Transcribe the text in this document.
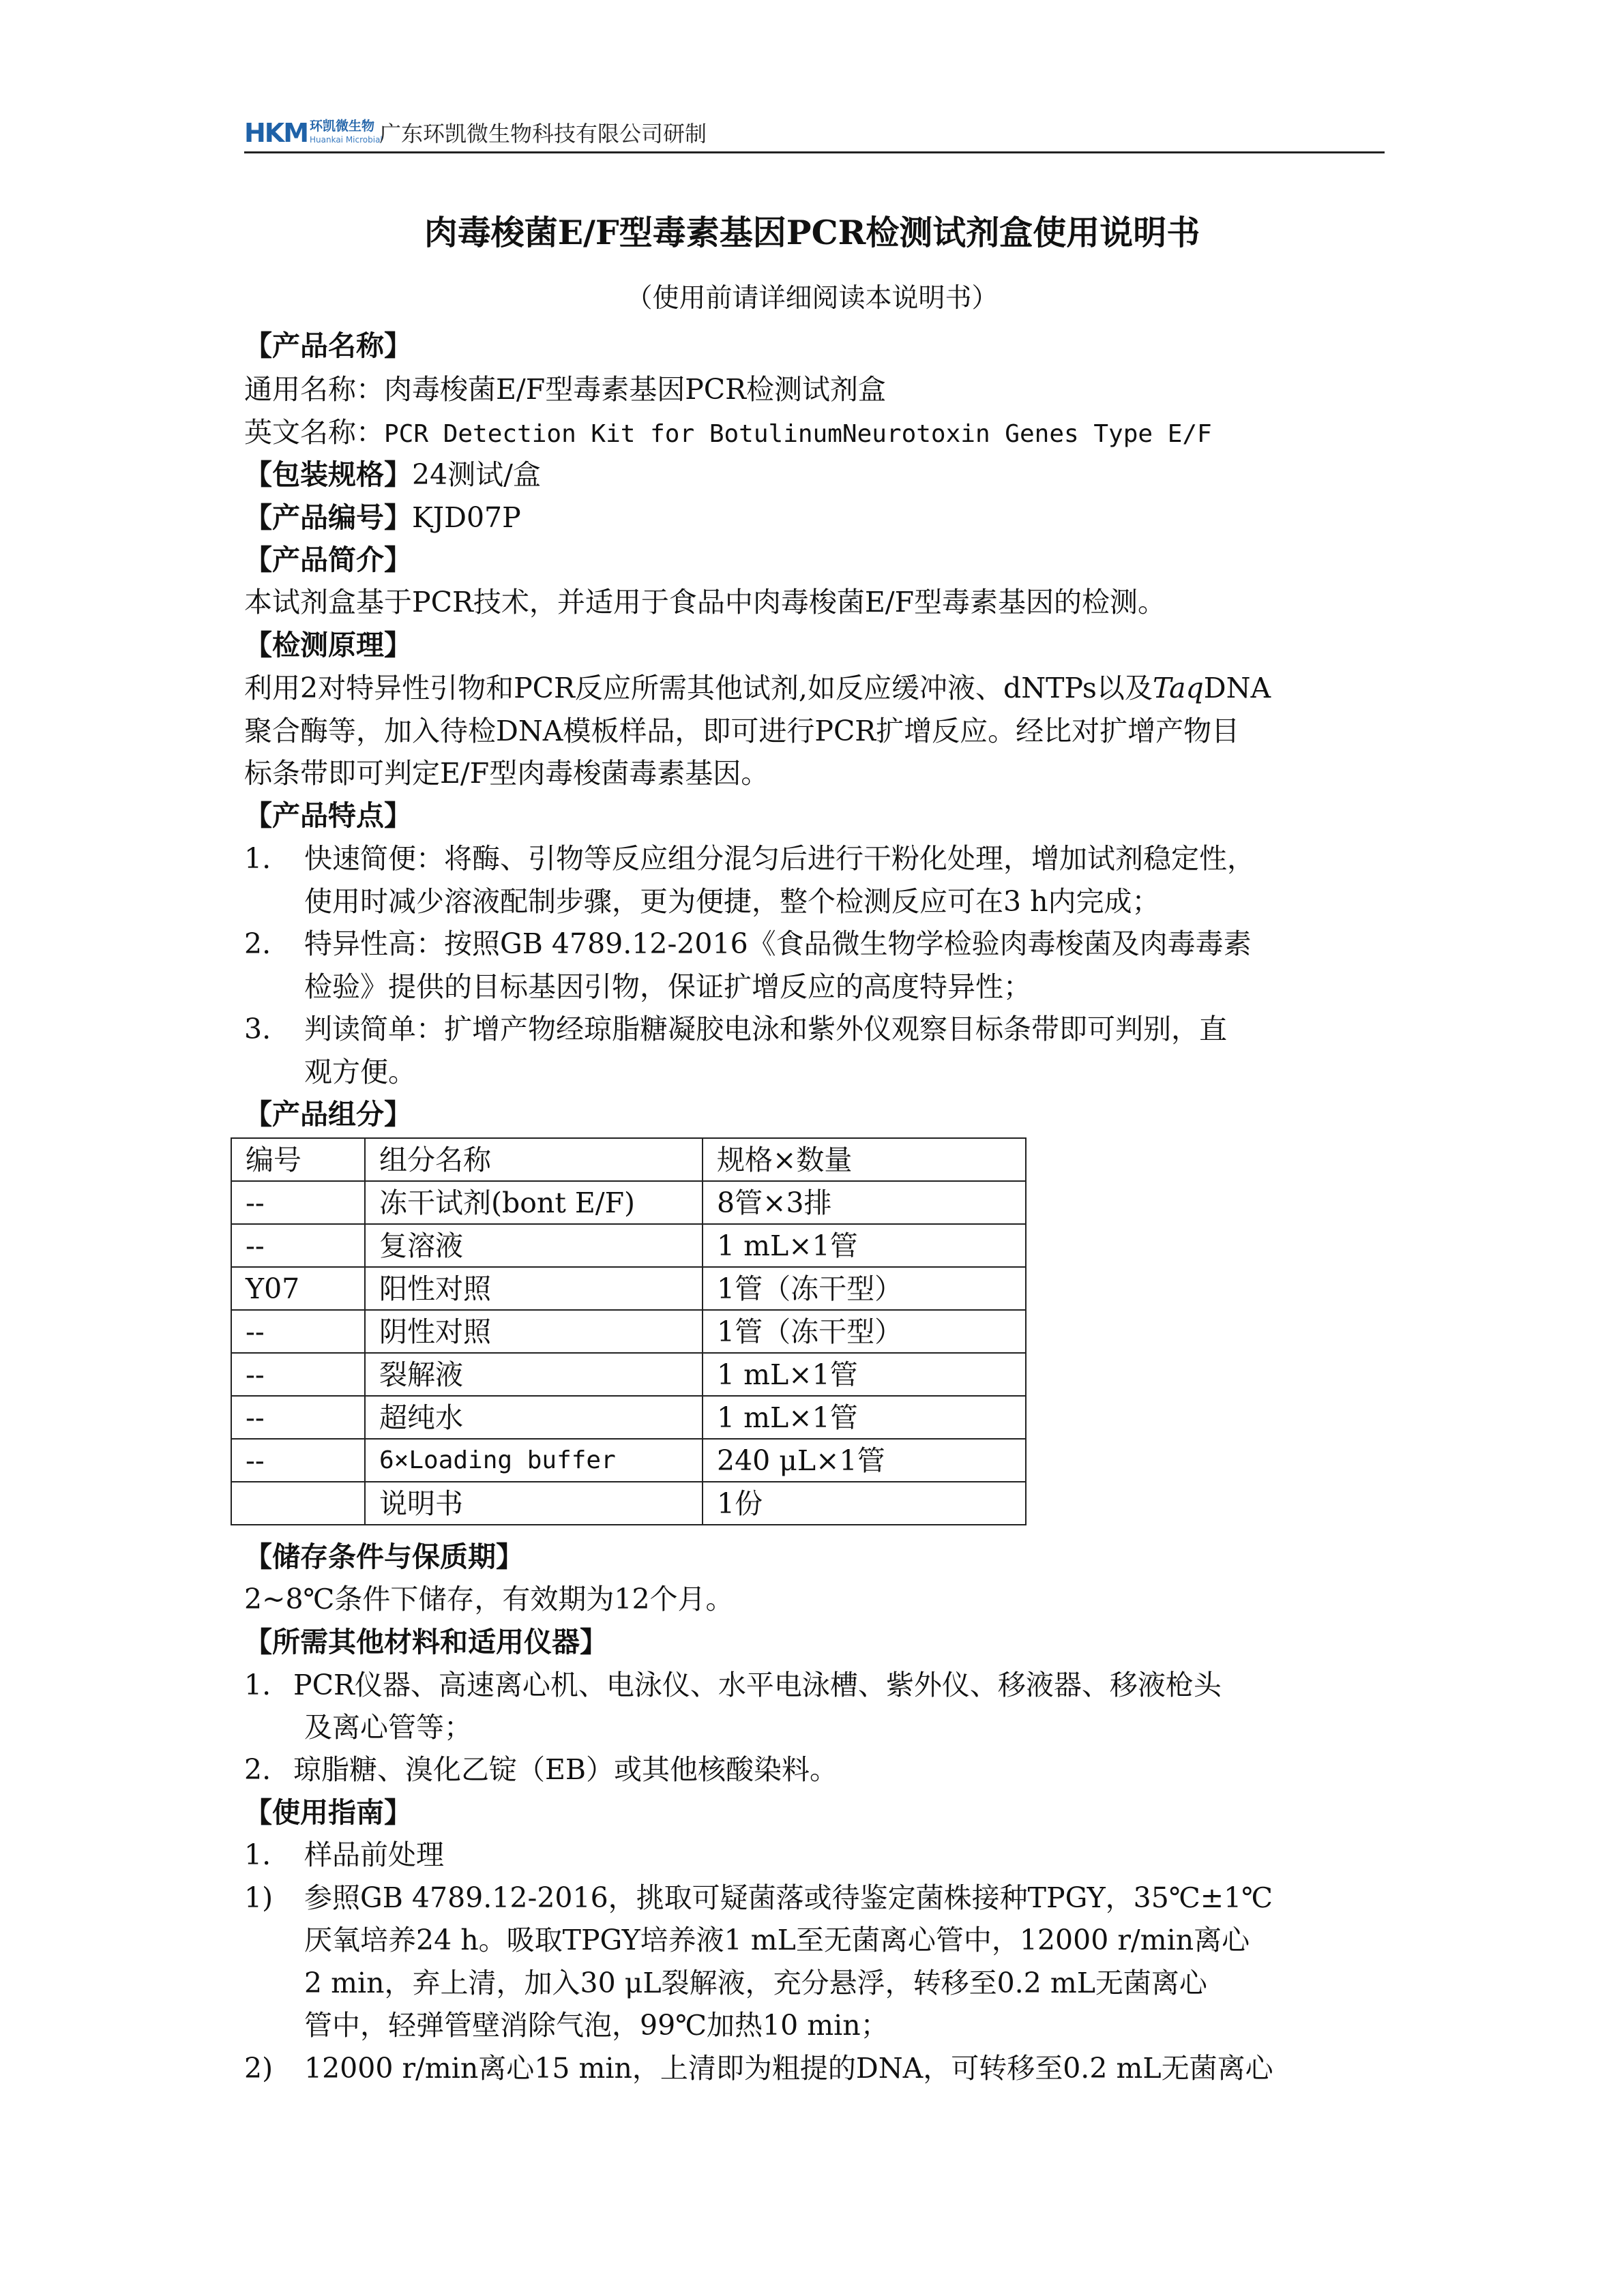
HKM 环凯微生物
Huankai Microbial
广东环凯微生物科技有限公司研制
肉毒梭菌E/F型毒素基因PCR检测试剂盒使用说明书
（使用前请详细阅读本说明书）
【产品名称】
通用名称：肉毒梭菌E/F型毒素基因PCR检测试剂盒
英文名称：PCR Detection Kit for BotulinumNeurotoxin Genes Type E/F
【包装规格】24测试/盒
【产品编号】KJD07P
【产品简介】
本试剂盒基于PCR技术，并适用于食品中肉毒梭菌E/F型毒素基因的检测。
【检测原理】
利用2对特异性引物和PCR反应所需其他试剂,如反应缓冲液、dNTPs以及TaqDNA
聚合酶等，加入待检DNA模板样品，即可进行PCR扩增反应。经比对扩增产物目
标条带即可判定E/F型肉毒梭菌毒素基因。
【产品特点】
1. 快速简便：将酶、引物等反应组分混匀后进行干粉化处理，增加试剂稳定性，
使用时减少溶液配制步骤，更为便捷，整个检测反应可在3 h内完成；
2. 特异性高：按照GB 4789.12-2016《食品微生物学检验肉毒梭菌及肉毒毒素
检验》提供的目标基因引物，保证扩增反应的高度特异性；
3. 判读简单：扩增产物经琼脂糖凝胶电泳和紫外仪观察目标条带即可判别，直
观方便。
【产品组分】
编号	组分名称	规格×数量
--	冻干试剂(bont E/F)	8管×3排
--	复溶液	1 mL×1管
Y07	阳性对照	1管（冻干型）
--	阴性对照	1管（冻干型）
--	裂解液	1 mL×1管
--	超纯水	1 mL×1管
--	6×Loading buffer	240 μL×1管
	说明书	1份
【储存条件与保质期】
2~8℃条件下储存，有效期为12个月。
【所需其他材料和适用仪器】
1. PCR仪器、高速离心机、电泳仪、水平电泳槽、紫外仪、移液器、移液枪头
及离心管等；
2. 琼脂糖、溴化乙锭（EB）或其他核酸染料。
【使用指南】
1. 样品前处理
1) 参照GB 4789.12-2016，挑取可疑菌落或待鉴定菌株接种TPGY，35℃±1℃
厌氧培养24 h。吸取TPGY培养液1 mL至无菌离心管中，12000 r/min离心
2 min，弃上清，加入30 μL裂解液，充分悬浮，转移至0.2 mL无菌离心
管中，轻弹管壁消除气泡，99℃加热10 min；
2) 12000 r/min离心15 min，上清即为粗提的DNA，可转移至0.2 mL无菌离心
